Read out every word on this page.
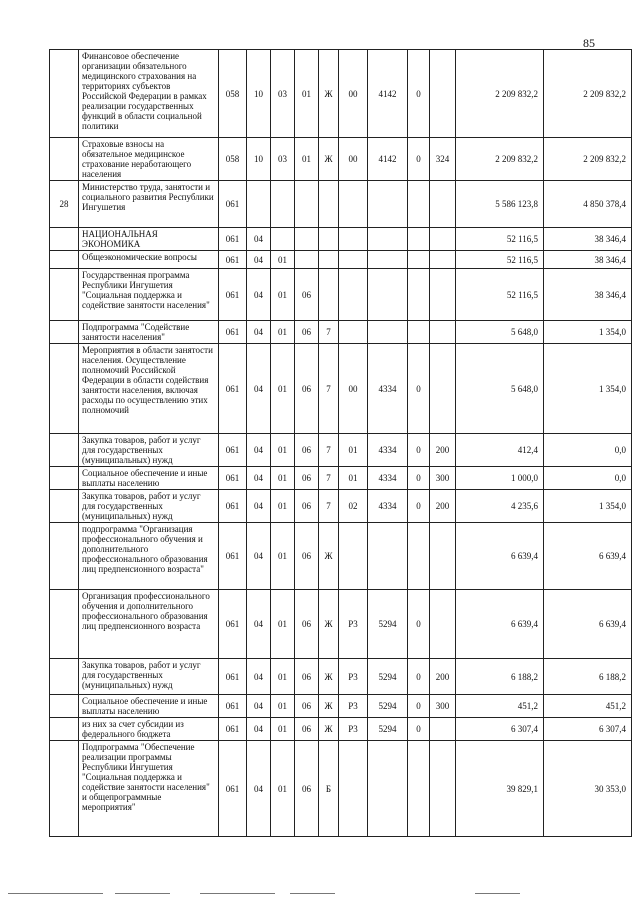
85
	Финансовое обеспечение организации обязательного медицинского страхования на территориях субъектов Российской Федерации в рамках реализации государственных функций в области социальной политики	058	10	03	01	Ж	00	4142	0		2 209 832,2	2 209 832,2
	Страховые взносы на обязательное медицинское страхование неработающего населения	058	10	03	01	Ж	00	4142	0	324	2 209 832,2	2 209 832,2
28	Министерство труда, занятости и социального развития Республики Ингушетия	061									5 586 123,8	4 850 378,4
	НАЦИОНАЛЬНАЯ ЭКОНОМИКА	061	04								52 116,5	38 346,4
	Общеэкономические вопросы	061	04	01							52 116,5	38 346,4
	Государственная программа Республики Ингушетия "Социальная поддержка и содействие занятости населения"	061	04	01	06						52 116,5	38 346,4
	Подпрограмма "Содействие занятости населения"	061	04	01	06	7					5 648,0	1 354,0
	Мероприятия в области занятости населения. Осуществление полномочий Российской Федерации в области содействия занятости населения, включая расходы по осуществлению этих полномочий	061	04	01	06	7	00	4334	0		5 648,0	1 354,0
	Закупка товаров, работ и услуг для государственных (муниципальных) нужд	061	04	01	06	7	01	4334	0	200	412,4	0,0
	Социальное обеспечение и иные выплаты населению	061	04	01	06	7	01	4334	0	300	1 000,0	0,0
	Закупка товаров, работ и услуг для государственных (муниципальных) нужд	061	04	01	06	7	02	4334	0	200	4 235,6	1 354,0
	подпрограмма "Организация профессионального обучения и дополнительного профессионального образования лиц предпенсионного возраста"	061	04	01	06	Ж					6 639,4	6 639,4
	Организация профессионального обучения и дополнительного профессионального образования лиц предпенсионного возраста	061	04	01	06	Ж	Р3	5294	0		6 639,4	6 639,4
	Закупка товаров, работ и услуг для государственных (муниципальных) нужд	061	04	01	06	Ж	Р3	5294	0	200	6 188,2	6 188,2
	Социальное обеспечение и иные выплаты населению	061	04	01	06	Ж	Р3	5294	0	300	451,2	451,2
	из них за счет субсидии из федерального бюджета	061	04	01	06	Ж	Р3	5294	0		6 307,4	6 307,4
	Подпрограмма "Обеспечение реализации программы Республики Ингушетия "Социальная поддержка и содействие занятости населения" и общепрограммные мероприятия"	061	04	01	06	Б					39 829,1	30 353,0
